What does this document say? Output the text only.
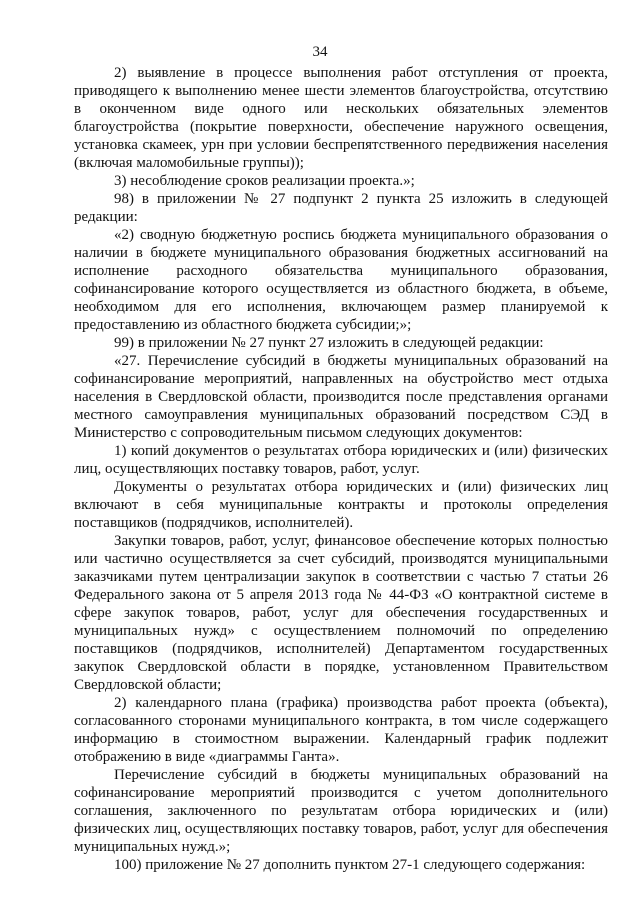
34

2) выявление в процессе выполнения работ отступления от проекта, приводящего к выполнению менее шести элементов благоустройства, отсутствию в оконченном виде одного или нескольких обязательных элементов благоустройства (покрытие поверхности, обеспечение наружного освещения, установка скамеек, урн при условии беспрепятственного передвижения населения (включая маломобильные группы));

3) несоблюдение сроков реализации проекта.»;

98) в приложении № 27 подпункт 2 пункта 25 изложить в следующей редакции:

«2) сводную бюджетную роспись бюджета муниципального образования о наличии в бюджете муниципального образования бюджетных ассигнований на исполнение расходного обязательства муниципального образования, софинансирование которого осуществляется из областного бюджета, в объеме, необходимом для его исполнения, включающем размер планируемой к предоставлению из областного бюджета субсидии;»;

99) в приложении № 27 пункт 27 изложить в следующей редакции:

«27. Перечисление субсидий в бюджеты муниципальных образований на софинансирование мероприятий, направленных на обустройство мест отдыха населения в Свердловской области, производится после представления органами местного самоуправления муниципальных образований посредством СЭД в Министерство с сопроводительным письмом следующих документов:

1) копий документов о результатах отбора юридических и (или) физических лиц, осуществляющих поставку товаров, работ, услуг.

Документы о результатах отбора юридических и (или) физических лиц включают в себя муниципальные контракты и протоколы определения поставщиков (подрядчиков, исполнителей).

Закупки товаров, работ, услуг, финансовое обеспечение которых полностью или частично осуществляется за счет субсидий, производятся муниципальными заказчиками путем централизации закупок в соответствии с частью 7 статьи 26 Федерального закона от 5 апреля 2013 года № 44-ФЗ «О контрактной системе в сфере закупок товаров, работ, услуг для обеспечения государственных и муниципальных нужд» с осуществлением полномочий по определению поставщиков (подрядчиков, исполнителей) Департаментом государственных закупок Свердловской области в порядке, установленном Правительством Свердловской области;

2) календарного плана (графика) производства работ проекта (объекта), согласованного сторонами муниципального контракта, в том числе содержащего информацию в стоимостном выражении. Календарный график подлежит отображению в виде «диаграммы Ганта».

Перечисление субсидий в бюджеты муниципальных образований на софинансирование мероприятий производится с учетом дополнительного соглашения, заключенного по результатам отбора юридических и (или) физических лиц, осуществляющих поставку товаров, работ, услуг для обеспечения муниципальных нужд.»;

100) приложение № 27 дополнить пунктом 27-1 следующего содержания:
